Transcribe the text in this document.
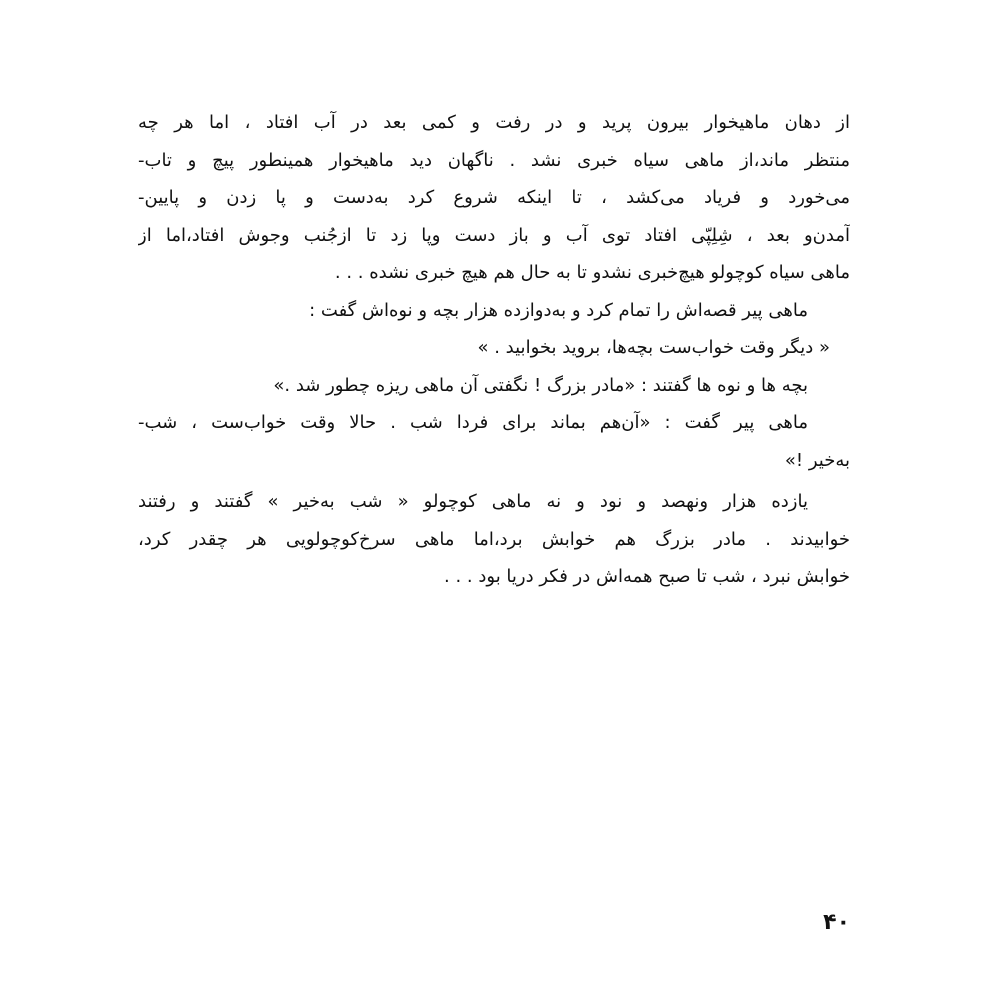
از دهان ماهیخوار بیرون پرید و در رفت و کمی بعد در آب افتاد ، اما هر چه
منتظر ماند،از ماهی سیاه خبری نشد . ناگهان دید ماهیخوار همینطور پیچ و تاب-
می‌خورد و فریاد می‌کشد ، تا اینکه شروع کرد به‌دست و پا زدن و پایین-
آمدن‌و بعد ، شِلِپّی افتاد توی آب و باز دست وپا زد تا ازجُنب وجوش افتاد،اما از
ماهی سیاه کوچولو هیچ‌خبری نشدو تا به حال هم هیچ خبری نشده . . .
ماهی پیر قصه‌اش را تمام کرد و به‌دوازده هزار بچه و نوه‌اش گفت :
« دیگر وقت خواب‌ست بچه‌ها، بروید بخوابید . »
بچه ها و نوه ها گفتند : «مادر بزرگ ! نگفتی آن ماهی ریزه چطور شد .»
ماهی پیر گفت : «آن‌هم بماند برای فردا شب . حالا وقت خواب‌ست ، شب-
به‌خیر !»
یازده هزار ونهصد و نود و نه ماهی کوچولو « شب به‌خیر » گفتند و رفتند
خوابیدند . مادر بزرگ هم خوابش برد،اما ماهی سرخ‌کوچولویی هر چقدر کرد،
خوابش نبرد ، شب تا صبح همه‌اش در فکر دریا بود . . .
۴۰
